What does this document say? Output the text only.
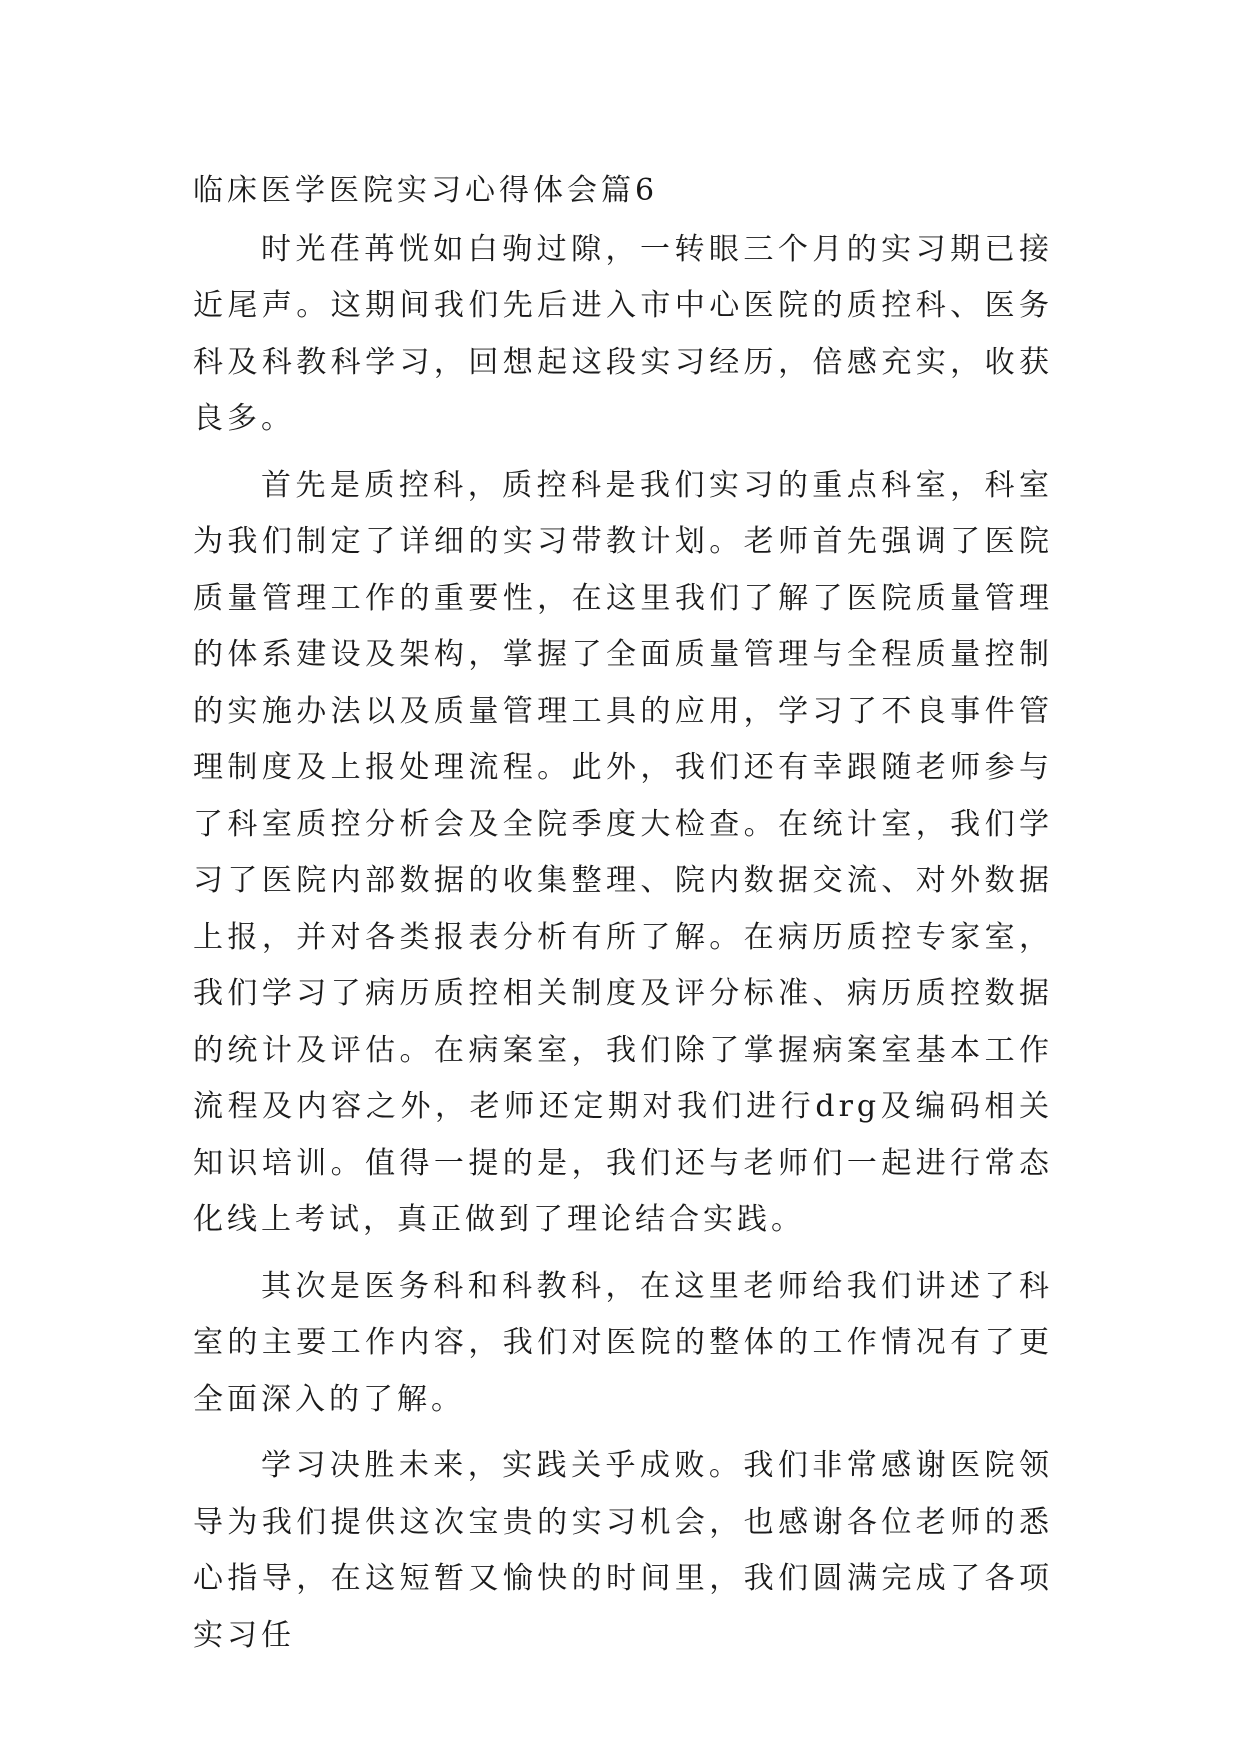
临床医学医院实习心得体会篇6

时光荏苒恍如白驹过隙，一转眼三个月的实习期已接近尾声。这期间我们先后进入市中心医院的质控科、医务科及科教科学习，回想起这段实习经历，倍感充实，收获良多。

首先是质控科，质控科是我们实习的重点科室，科室为我们制定了详细的实习带教计划。老师首先强调了医院质量管理工作的重要性，在这里我们了解了医院质量管理的体系建设及架构，掌握了全面质量管理与全程质量控制的实施办法以及质量管理工具的应用，学习了不良事件管理制度及上报处理流程。此外，我们还有幸跟随老师参与了科室质控分析会及全院季度大检查。在统计室，我们学习了医院内部数据的收集整理、院内数据交流、对外数据上报，并对各类报表分析有所了解。在病历质控专家室，我们学习了病历质控相关制度及评分标准、病历质控数据的统计及评估。在病案室，我们除了掌握病案室基本工作流程及内容之外，老师还定期对我们进行drg及编码相关知识培训。值得一提的是，我们还与老师们一起进行常态化线上考试，真正做到了理论结合实践。

其次是医务科和科教科，在这里老师给我们讲述了科室的主要工作内容，我们对医院的整体的工作情况有了更全面深入的了解。

学习决胜未来，实践关乎成败。我们非常感谢医院领导为我们提供这次宝贵的实习机会，也感谢各位老师的悉心指导，在这短暂又愉快的时间里，我们圆满完成了各项实习任
